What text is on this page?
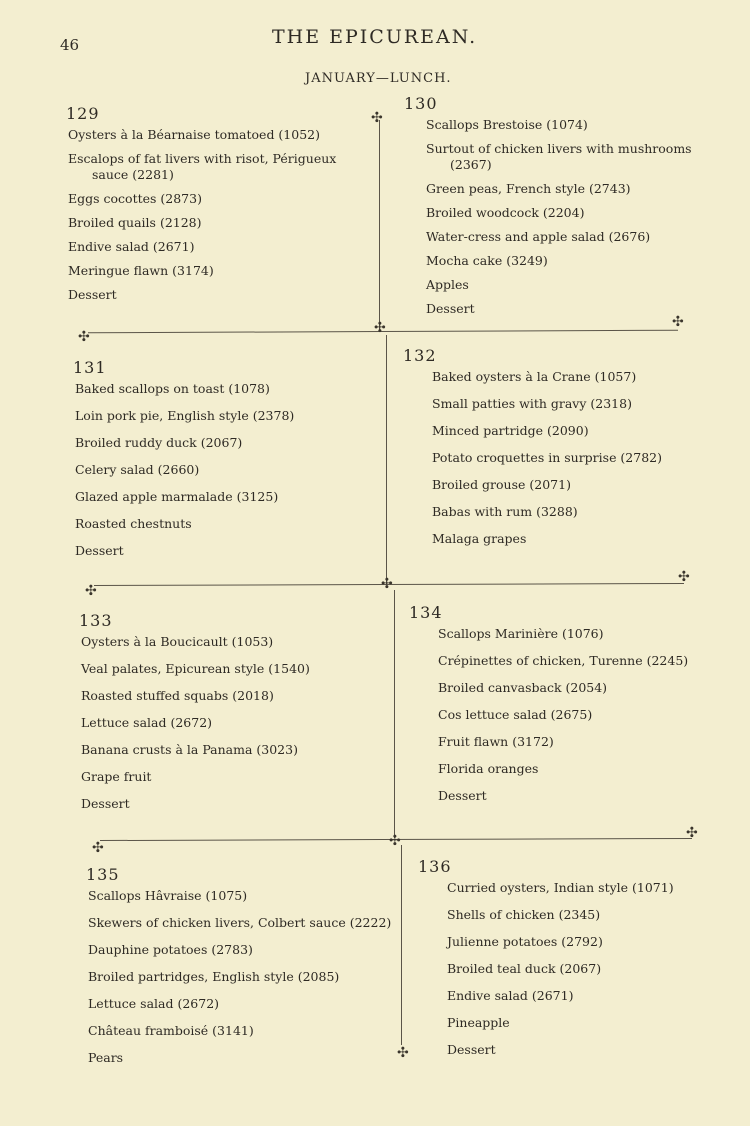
46	THE EPICUREAN.
JANUARY—LUNCH.
129
Oysters à la Béarnaise tomatoed (1052)
Escalops of fat livers with risot, Périgueux sauce (2281)
Eggs cocottes (2873)
Broiled quails (2128)
Endive salad (2671)
Meringue flawn (3174)
Dessert
130
Scallops Brestoise (1074)
Surtout of chicken livers with mushrooms (2367)
Green peas, French style (2743)
Broiled woodcock (2204)
Water-cress and apple salad (2676)
Mocha cake (3249)
Apples
Dessert
131
Baked scallops on toast (1078)
Loin pork pie, English style (2378)
Broiled ruddy duck (2067)
Celery salad (2660)
Glazed apple marmalade (3125)
Roasted chestnuts
Dessert
132
Baked oysters à la Crane (1057)
Small patties with gravy (2318)
Minced partridge (2090)
Potato croquettes in surprise (2782)
Broiled grouse (2071)
Babas with rum (3288)
Malaga grapes
133
Oysters à la Boucicault (1053)
Veal palates, Epicurean style (1540)
Roasted stuffed squabs (2018)
Lettuce salad (2672)
Banana crusts à la Panama (3023)
Grape fruit
Dessert
134
Scallops Marinière (1076)
Crépinettes of chicken, Turenne (2245)
Broiled canvasback (2054)
Cos lettuce salad (2675)
Fruit flawn (3172)
Florida oranges
Dessert
135
Scallops Hâvraise (1075)
Skewers of chicken livers, Colbert sauce (2222)
Dauphine potatoes (2783)
Broiled partridges, English style (2085)
Lettuce salad (2672)
Château framboisé (3141)
Pears
136
Curried oysters, Indian style (1071)
Shells of chicken (2345)
Julienne potatoes (2792)
Broiled teal duck (2067)
Endive salad (2671)
Pineapple
Dessert
✣
✣
✣	✣
✣	✣	✣
✣	✣	✣
✣
